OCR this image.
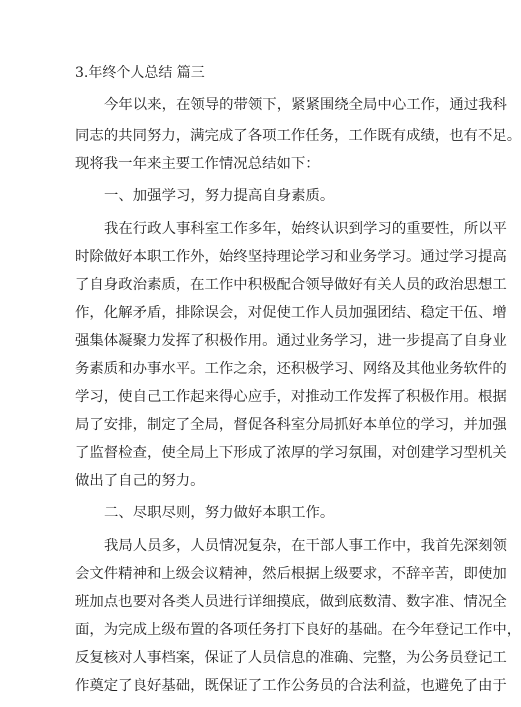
3.年终个人总结 篇三
今年以来，在领导的带领下，紧紧围绕全局中心工作，通过我科
同志的共同努力，满完成了各项工作任务，工作既有成绩，也有不足。
现将我一年来主要工作情况总结如下：
一、加强学习，努力提高自身素质。
我在行政人事科室工作多年，始终认识到学习的重要性，所以平
时除做好本职工作外，始终坚持理论学习和业务学习。通过学习提高
了自身政治素质，在工作中积极配合领导做好有关人员的政治思想工
作，化解矛盾，排除误会，对促使工作人员加强团结、稳定干伍、增
强集体凝聚力发挥了积极作用。通过业务学习，进一步提高了自身业
务素质和办事水平。工作之余，还积极学习、网络及其他业务软件的
学习，使自己工作起来得心应手，对推动工作发挥了积极作用。根据
局了安排，制定了全局，督促各科室分局抓好本单位的学习，并加强
了监督检查，使全局上下形成了浓厚的学习氛围，对创建学习型机关
做出了自己的努力。
二、尽职尽则，努力做好本职工作。
我局人员多，人员情况复杂，在干部人事工作中，我首先深刻领
会文件精神和上级会议精神，然后根据上级要求，不辞辛苦，即使加
班加点也要对各类人员进行详细摸底，做到底数清、数字准、情况全
面，为完成上级布置的各项任务打下良好的基础。在今年登记工作中，
反复核对人事档案，保证了人员信息的准确、完整，为公务员登记工
作奠定了良好基础，既保证了工作公务员的合法利益，也避免了由于
